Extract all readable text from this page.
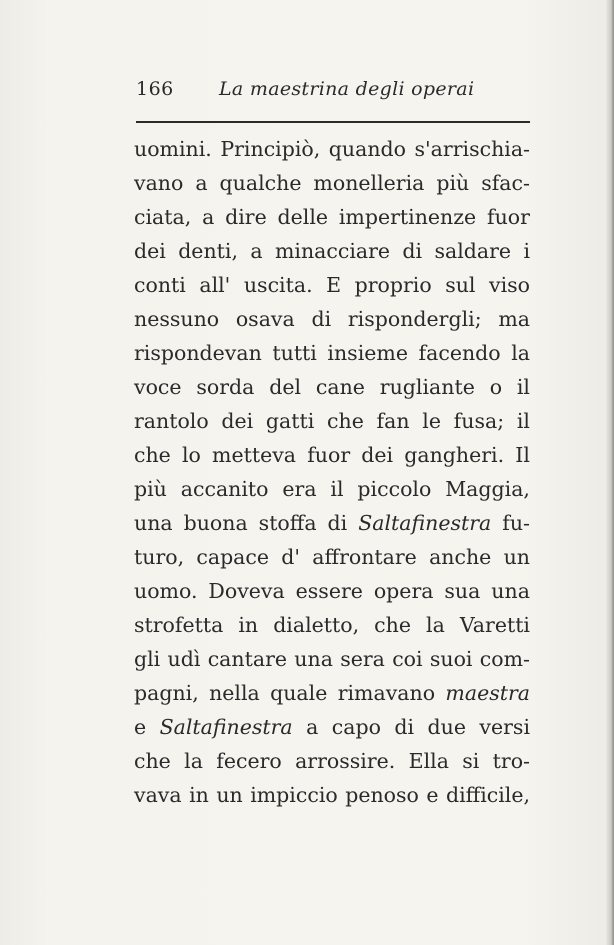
166 La maestrina degli operai
uomini. Principiò, quando s'arrischia-
vano a qualche monelleria più sfac-
ciata, a dire delle impertinenze fuor
dei denti, a minacciare di saldare i
conti all' uscita. E proprio sul viso
nessuno osava di rispondergli; ma
rispondevan tutti insieme facendo la
voce sorda del cane rugliante o il
rantolo dei gatti che fan le fusa; il
che lo metteva fuor dei gangheri. Il
più accanito era il piccolo Maggia,
una buona stoffa di Saltafinestra fu-
turo, capace d' affrontare anche un
uomo. Doveva essere opera sua una
strofetta in dialetto, che la Varetti
gli udì cantare una sera coi suoi com-
pagni, nella quale rimavano maestra
e Saltafinestra a capo di due versi
che la fecero arrossire. Ella si tro-
vava in un impiccio penoso e difficile,
